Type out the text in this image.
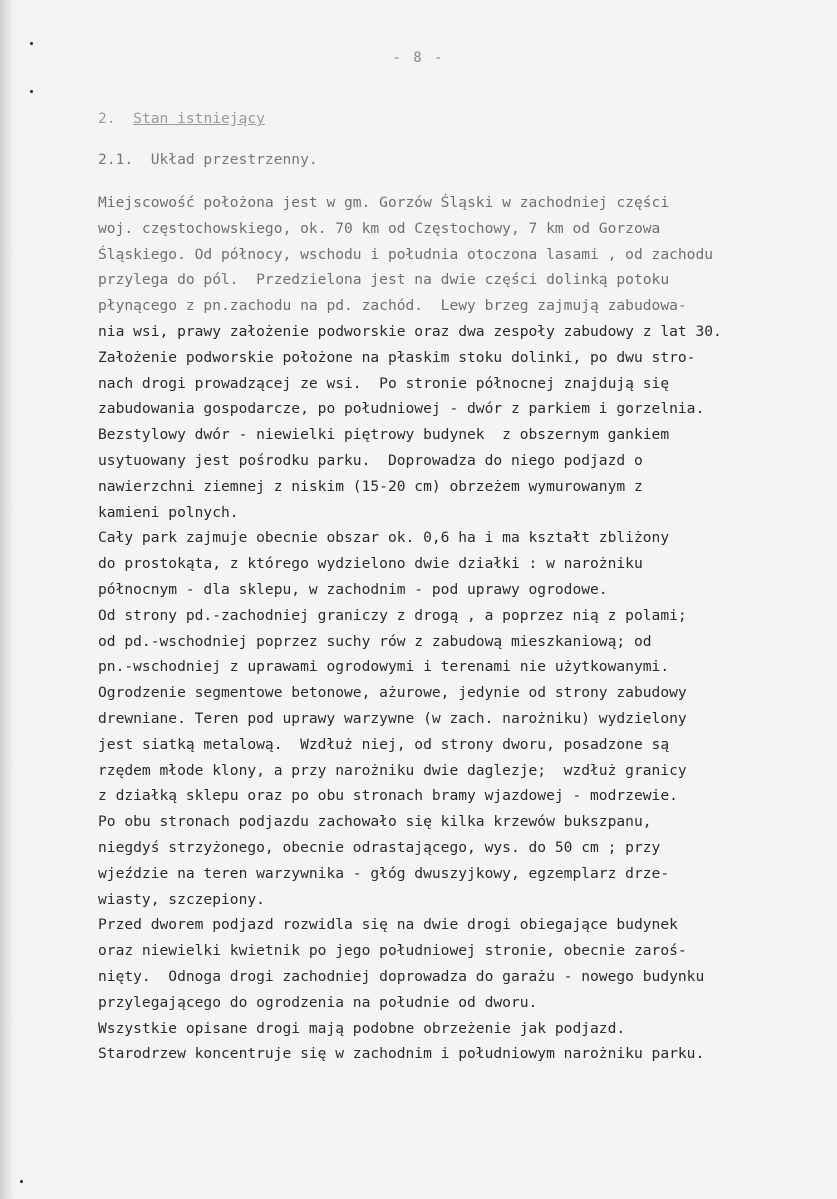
- 8 -
2. Stan istniejący
2.1.  Układ przestrzenny.
Miejscowość położona jest w gm. Gorzów Śląski w zachodniej części
woj. częstochowskiego, ok. 70 km od Częstochowy, 7 km od Gorzowa
Śląskiego. Od północy, wschodu i południa otoczona lasami , od zachodu
przylega do pól.  Przedzielona jest na dwie części dolinką potoku
płynącego z pn.zachodu na pd. zachód.  Lewy brzeg zajmują zabudowa-
nia wsi, prawy założenie podworskie oraz dwa zespoły zabudowy z lat 30.
Założenie podworskie położone na płaskim stoku dolinki, po dwu stro-
nach drogi prowadzącej ze wsi.  Po stronie północnej znajdują się
zabudowania gospodarcze, po południowej - dwór z parkiem i gorzelnia.
Bezstylowy dwór - niewielki piętrowy budynek  z obszernym gankiem
usytuowany jest pośrodku parku.  Doprowadza do niego podjazd o
nawierzchni ziemnej z niskim (15-20 cm) obrzeżem wymurowanym z
kamieni polnych.
Cały park zajmuje obecnie obszar ok. 0,6 ha i ma kształt zbliżony
do prostokąta, z którego wydzielono dwie działki : w narożniku
północnym - dla sklepu, w zachodnim - pod uprawy ogrodowe.
Od strony pd.-zachodniej graniczy z drogą , a poprzez nią z polami;
od pd.-wschodniej poprzez suchy rów z zabudową mieszkaniową; od
pn.-wschodniej z uprawami ogrodowymi i terenami nie użytkowanymi.
Ogrodzenie segmentowe betonowe, ażurowe, jedynie od strony zabudowy
drewniane. Teren pod uprawy warzywne (w zach. narożniku) wydzielony
jest siatką metalową.  Wzdłuż niej, od strony dworu, posadzone są
rzędem młode klony, a przy narożniku dwie daglezje;  wzdłuż granicy
z działką sklepu oraz po obu stronach bramy wjazdowej - modrzewie.
Po obu stronach podjazdu zachowało się kilka krzewów bukszpanu,
niegdyś strzyżonego, obecnie odrastającego, wys. do 50 cm ; przy
wjeździe na teren warzywnika - głóg dwuszyjkowy, egzemplarz drze-
wiasty, szczepiony.
Przed dworem podjazd rozwidla się na dwie drogi obiegające budynek
oraz niewielki kwietnik po jego południowej stronie, obecnie zaroś-
nięty.  Odnoga drogi zachodniej doprowadza do garażu - nowego budynku
przylegającego do ogrodzenia na południe od dworu.
Wszystkie opisane drogi mają podobne obrzeżenie jak podjazd.
Starodrzew koncentruje się w zachodnim i południowym narożniku parku.
